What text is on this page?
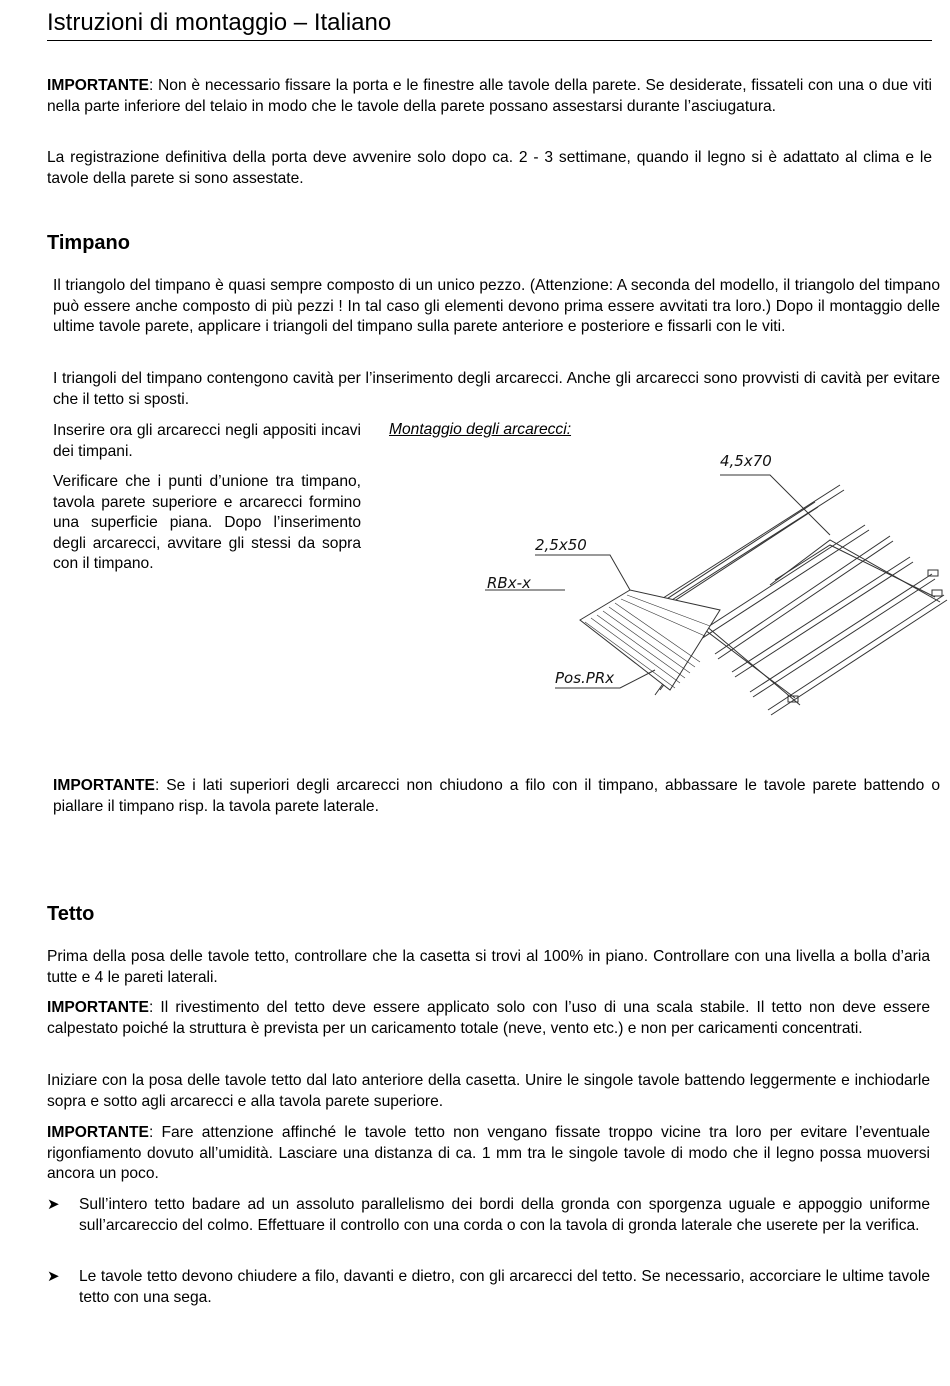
Istruzioni di montaggio – Italiano

IMPORTANTE: Non è necessario fissare la porta e le finestre alle tavole della parete. Se desiderate, fissateli con una o due viti nella parte inferiore del telaio in modo che le tavole della parete possano assestarsi durante l’asciugatura.

La registrazione definitiva della porta deve avvenire solo dopo ca. 2 - 3 settimane, quando il legno si è adattato al clima e le tavole della parete si sono assestate.

Timpano

Il triangolo del timpano è quasi sempre composto di un unico pezzo. (Attenzione: A seconda del modello, il triangolo del timpano può essere anche composto di più pezzi ! In tal caso gli elementi devono prima essere avvitati tra loro.) Dopo il montaggio delle ultime tavole parete, applicare i triangoli del timpano sulla parete anteriore e posteriore e fissarli con le viti.

I triangoli del timpano contengono cavità per l’inserimento degli arcarecci. Anche gli arcarecci sono provvisti di cavità per evitare che il tetto si sposti.

Inserire ora gli arcarecci negli appositi incavi dei timpani.

Verificare che i punti d’unione tra timpano, tavola parete superiore e arcarecci formino una superficie piana. Dopo l’inserimento degli arcarecci, avvitare gli stessi da sopra con il timpano.

Montaggio degli arcarecci:
4,5x70
2,5x50
RBx-x
Pos.PRx

IMPORTANTE: Se i lati superiori degli arcarecci non chiudono a filo con il timpano, abbassare le tavole parete battendo o piallare il timpano risp. la tavola parete laterale.

Tetto

Prima della posa delle tavole tetto, controllare che la casetta si trovi al 100% in piano. Controllare con una livella a bolla d’aria tutte e 4 le pareti laterali.

IMPORTANTE: Il rivestimento del tetto deve essere applicato solo con l’uso di una scala stabile. Il tetto non deve essere calpestato poiché la struttura è prevista per un caricamento totale (neve, vento etc.) e non per caricamenti concentrati.

Iniziare con la posa delle tavole tetto dal lato anteriore della casetta. Unire le singole tavole battendo leggermente e inchiodarle sopra e sotto agli arcarecci e alla tavola parete superiore.

IMPORTANTE: Fare attenzione affinché le tavole tetto non vengano fissate troppo vicine tra loro per evitare l’eventuale rigonfiamento dovuto all’umidità. Lasciare una distanza di ca. 1 mm tra le singole tavole di modo che il legno possa muoversi ancora un poco.

➤ Sull’intero tetto badare ad un assoluto parallelismo dei bordi della gronda con sporgenza uguale e appoggio uniforme sull’arcareccio del colmo. Effettuare il controllo con una corda o con la tavola di gronda laterale che userete per la verifica.

➤ Le tavole tetto devono chiudere a filo, davanti e dietro, con gli arcarecci del tetto. Se necessario, accorciare le ultime tavole tetto con una sega.
